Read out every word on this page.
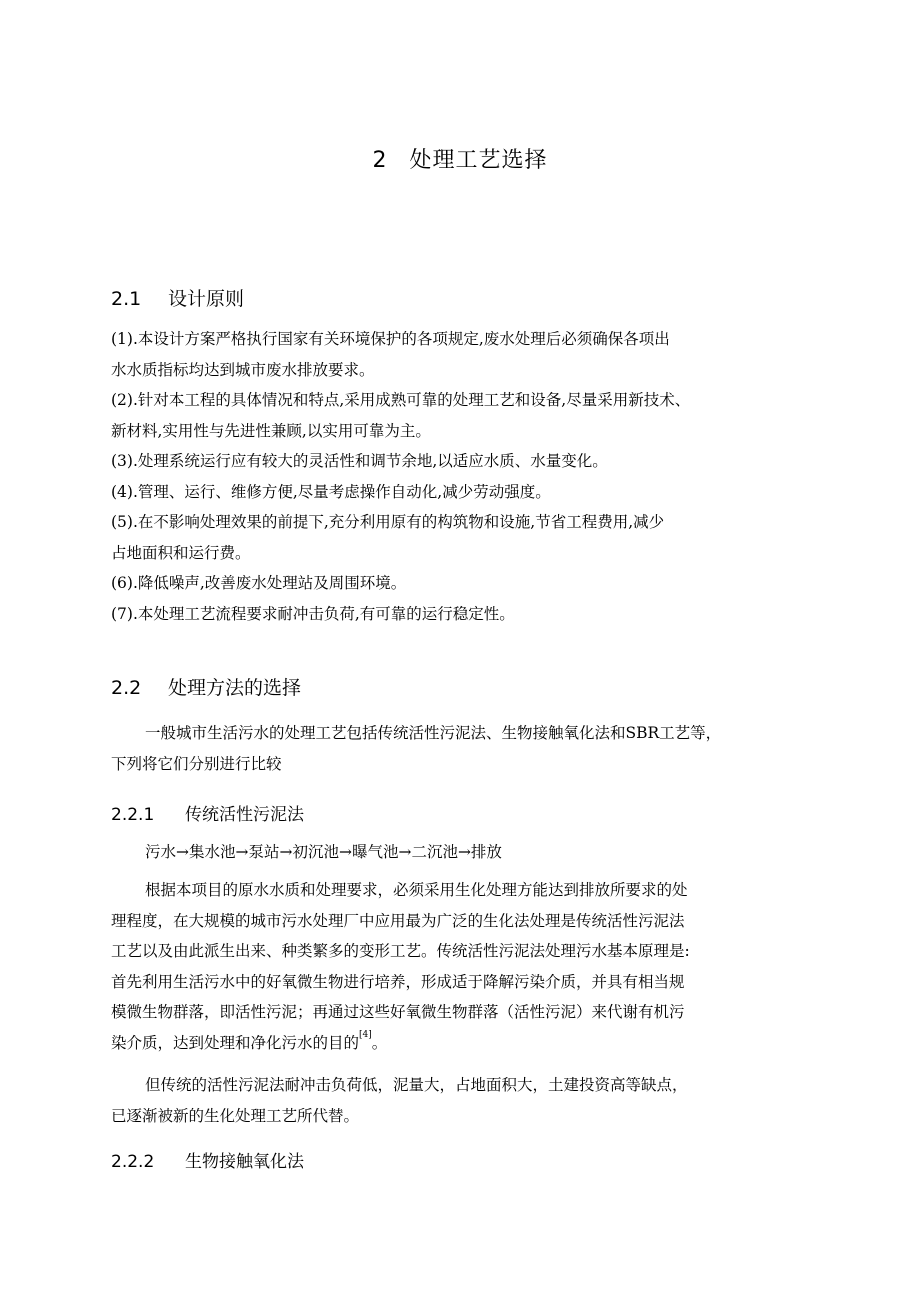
2 处理工艺选择
2.1 设计原则
(1).本设计方案严格执行国家有关环境保护的各项规定,废水处理后必须确保各项出
水水质指标均达到城市废水排放要求。
(2).针对本工程的具体情况和特点,采用成熟可靠的处理工艺和设备,尽量采用新技术、
新材料,实用性与先进性兼顾,以实用可靠为主。
(3).处理系统运行应有较大的灵活性和调节余地,以适应水质、水量变化。
(4).管理、运行、维修方便,尽量考虑操作自动化,减少劳动强度。
(5).在不影响处理效果的前提下,充分利用原有的构筑物和设施,节省工程费用,减少
占地面积和运行费。
(6).降低噪声,改善废水处理站及周围环境。
(7).本处理工艺流程要求耐冲击负荷,有可靠的运行稳定性。
2.2 处理方法的选择
一般城市生活污水的处理工艺包括传统活性污泥法、生物接触氧化法和SBR工艺等，
下列将它们分别进行比较
2.2.1 传统活性污泥法
污水→集水池→泵站→初沉池→曝气池→二沉池→排放
根据本项目的原水水质和处理要求，必须采用生化处理方能达到排放所要求的处
理程度，在大规模的城市污水处理厂中应用最为广泛的生化法处理是传统活性污泥法
工艺以及由此派生出来、种类繁多的变形工艺。传统活性污泥法处理污水基本原理是:
首先利用生活污水中的好氧微生物进行培养，形成适于降解污染介质，并具有相当规
模微生物群落，即活性污泥；再通过这些好氧微生物群落（活性污泥）来代谢有机污
染介质，达到处理和净化污水的目的[4]。
但传统的活性污泥法耐冲击负荷低，泥量大，占地面积大，土建投资高等缺点，
已逐渐被新的生化处理工艺所代替。
2.2.2 生物接触氧化法
